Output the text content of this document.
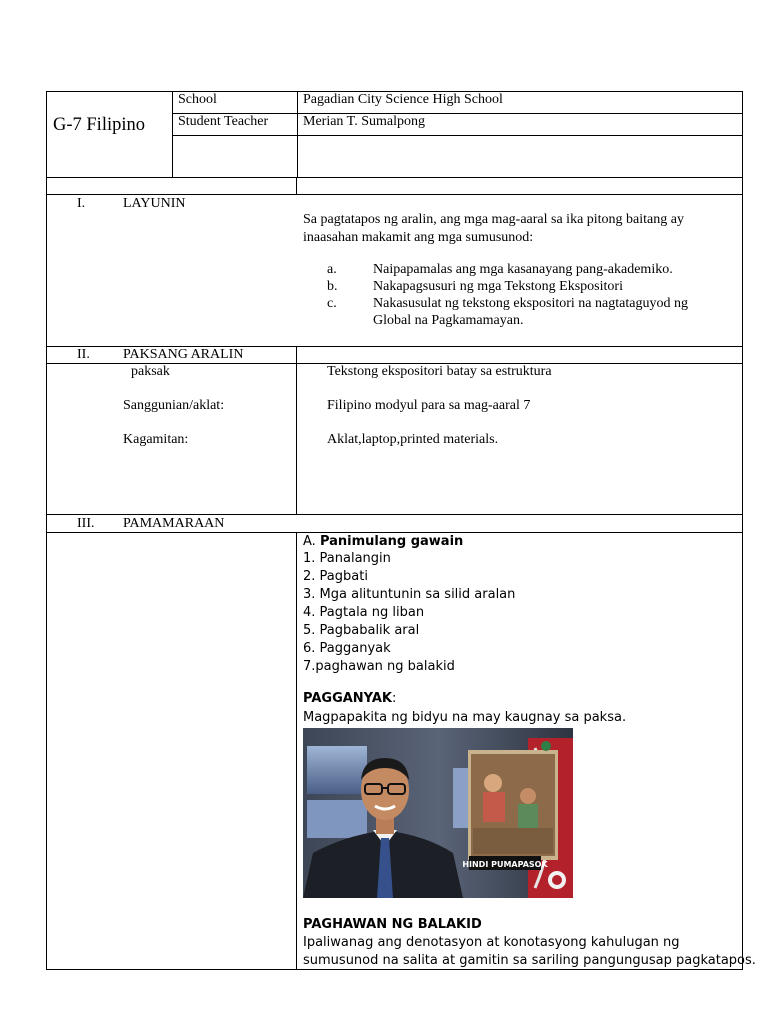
G-7 Filipino
School	Pagadian City Science High School
Student Teacher Merian T. Sumalpong
I.	LAYUNIN
Sa pagtatapos ng aralin, ang mga mag-aaral sa ika pitong baitang ay
inaasahan makamit ang mga sumusunod:
a.	Naipapamalas ang mga kasanayang pang-akademiko.
b.	Nakapagsusuri ng mga Tekstong Ekspositori
c.	Nakasusulat ng tekstong ekspositori na nagtataguyod ng
Global na Pagkamamayan.
II. PAKSANG ARALIN
paksak	Tekstong ekspositori batay sa estruktura
Sanggunian/aklat:	Filipino modyul para sa mag-aaral 7
Kagamitan:	Aklat,laptop,printed materials.
III. PAMAMARAAN
A. Panimulang gawain
1. Panalangin
2. Pagbati
3. Mga alituntunin sa silid aralan
4. Pagtala ng liban
5. Pagbabalik aral
6. Pagganyak
7.paghawan ng balakid
PAGGANYAK:
Magpapakita ng bidyu na may kaugnay sa paksa.
HINDI PUMAPASOK
PAGHAWAN NG BALAKID
Ipaliwanag ang denotasyon at konotasyong kahulugan ng
sumusunod na salita at gamitin sa sariling pangungusap pagkatapos.
